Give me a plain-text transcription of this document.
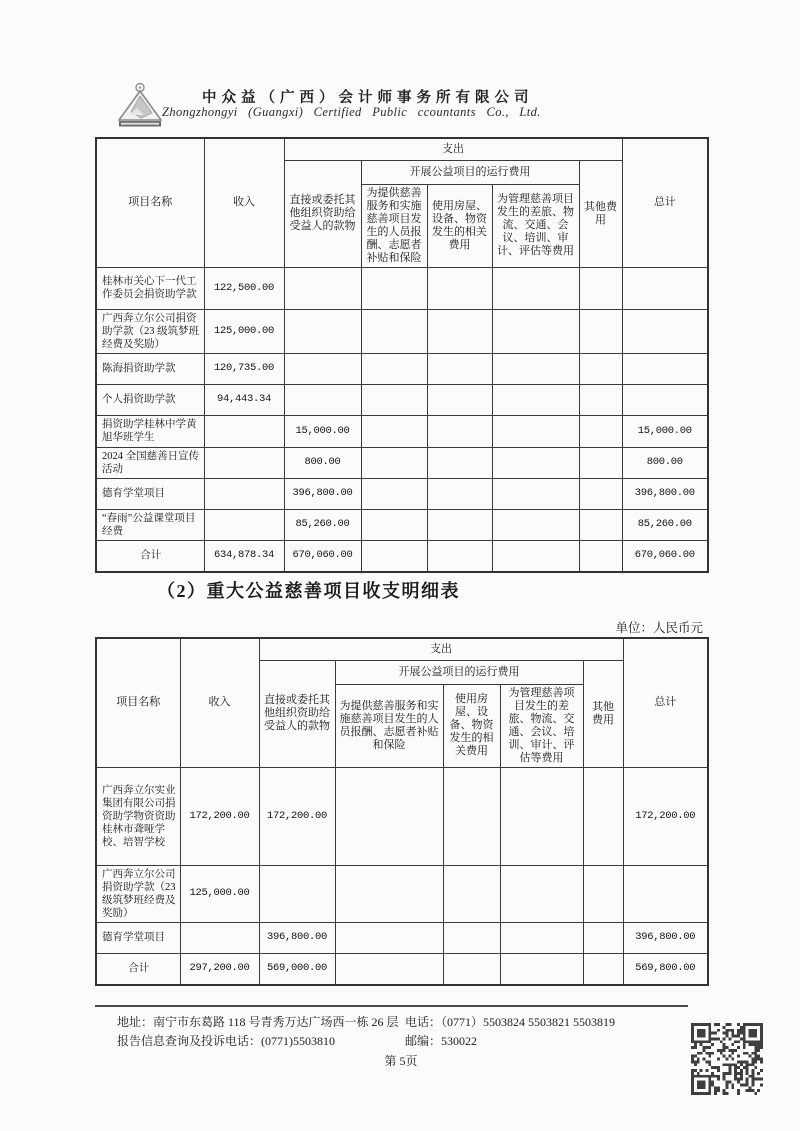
中众益（广西）会计师事务所有限公司
Zhongzhongyi (Guangxi) Certified Public ccountants Co., Ltd.
项目名称	收入	支出					总计
		直接或委托其他组织资助给受益人的款物	开展公益项目的运行费用			其他费用	
			为提供慈善服务和实施慈善项目发生的人员报酬、志愿者补贴和保险	使用房屋、设备、物资发生的相关费用	为管理慈善项目发生的差旅、物流、交通、会议、培训、审计、评估等费用		
桂林市关心下一代工作委员会捐资助学款	122,500.00						
广西奔立尔公司捐资助学款（23 级筑梦班经费及奖励）	125,000.00						
陈海捐资助学款	120,735.00						
个人捐资助学款	94,443.34						
捐资助学桂林中学黄旭华班学生		15,000.00					15,000.00
2024 全国慈善日宣传活动		800.00					800.00
德育学堂项目		396,800.00					396,800.00
“春雨”公益课堂项目经费		85,260.00					85,260.00
合计	634,878.34	670,060.00					670,060.00
（2）重大公益慈善项目收支明细表
单位：人民币元
项目名称	收入	支出					总计
		直接或委托其他组织资助给受益人的款物	开展公益项目的运行费用			其他费用	
			为提供慈善服务和实施慈善项目发生的人员报酬、志愿者补贴和保险	使用房屋、设备、物资发生的相关费用	为管理慈善项目发生的差旅、物流、交通、会议、培训、审计、评估等费用		
广西奔立尔实业集团有限公司捐资助学物资资助桂林市聋哑学校、培智学校	172,200.00	172,200.00					172,200.00
广西奔立尔公司捐资助学款（23 级筑梦班经费及奖励）	125,000.00						
德育学堂项目		396,800.00					396,800.00
合计	297,200.00	569,000.00					569,800.00
地址：南宁市东葛路 118 号青秀万达广场西一栋 26 层 电话：（0771）5503824 5503821 5503819
报告信息查询及投诉电话：(0771)5503810	邮编：530022
第 5页
